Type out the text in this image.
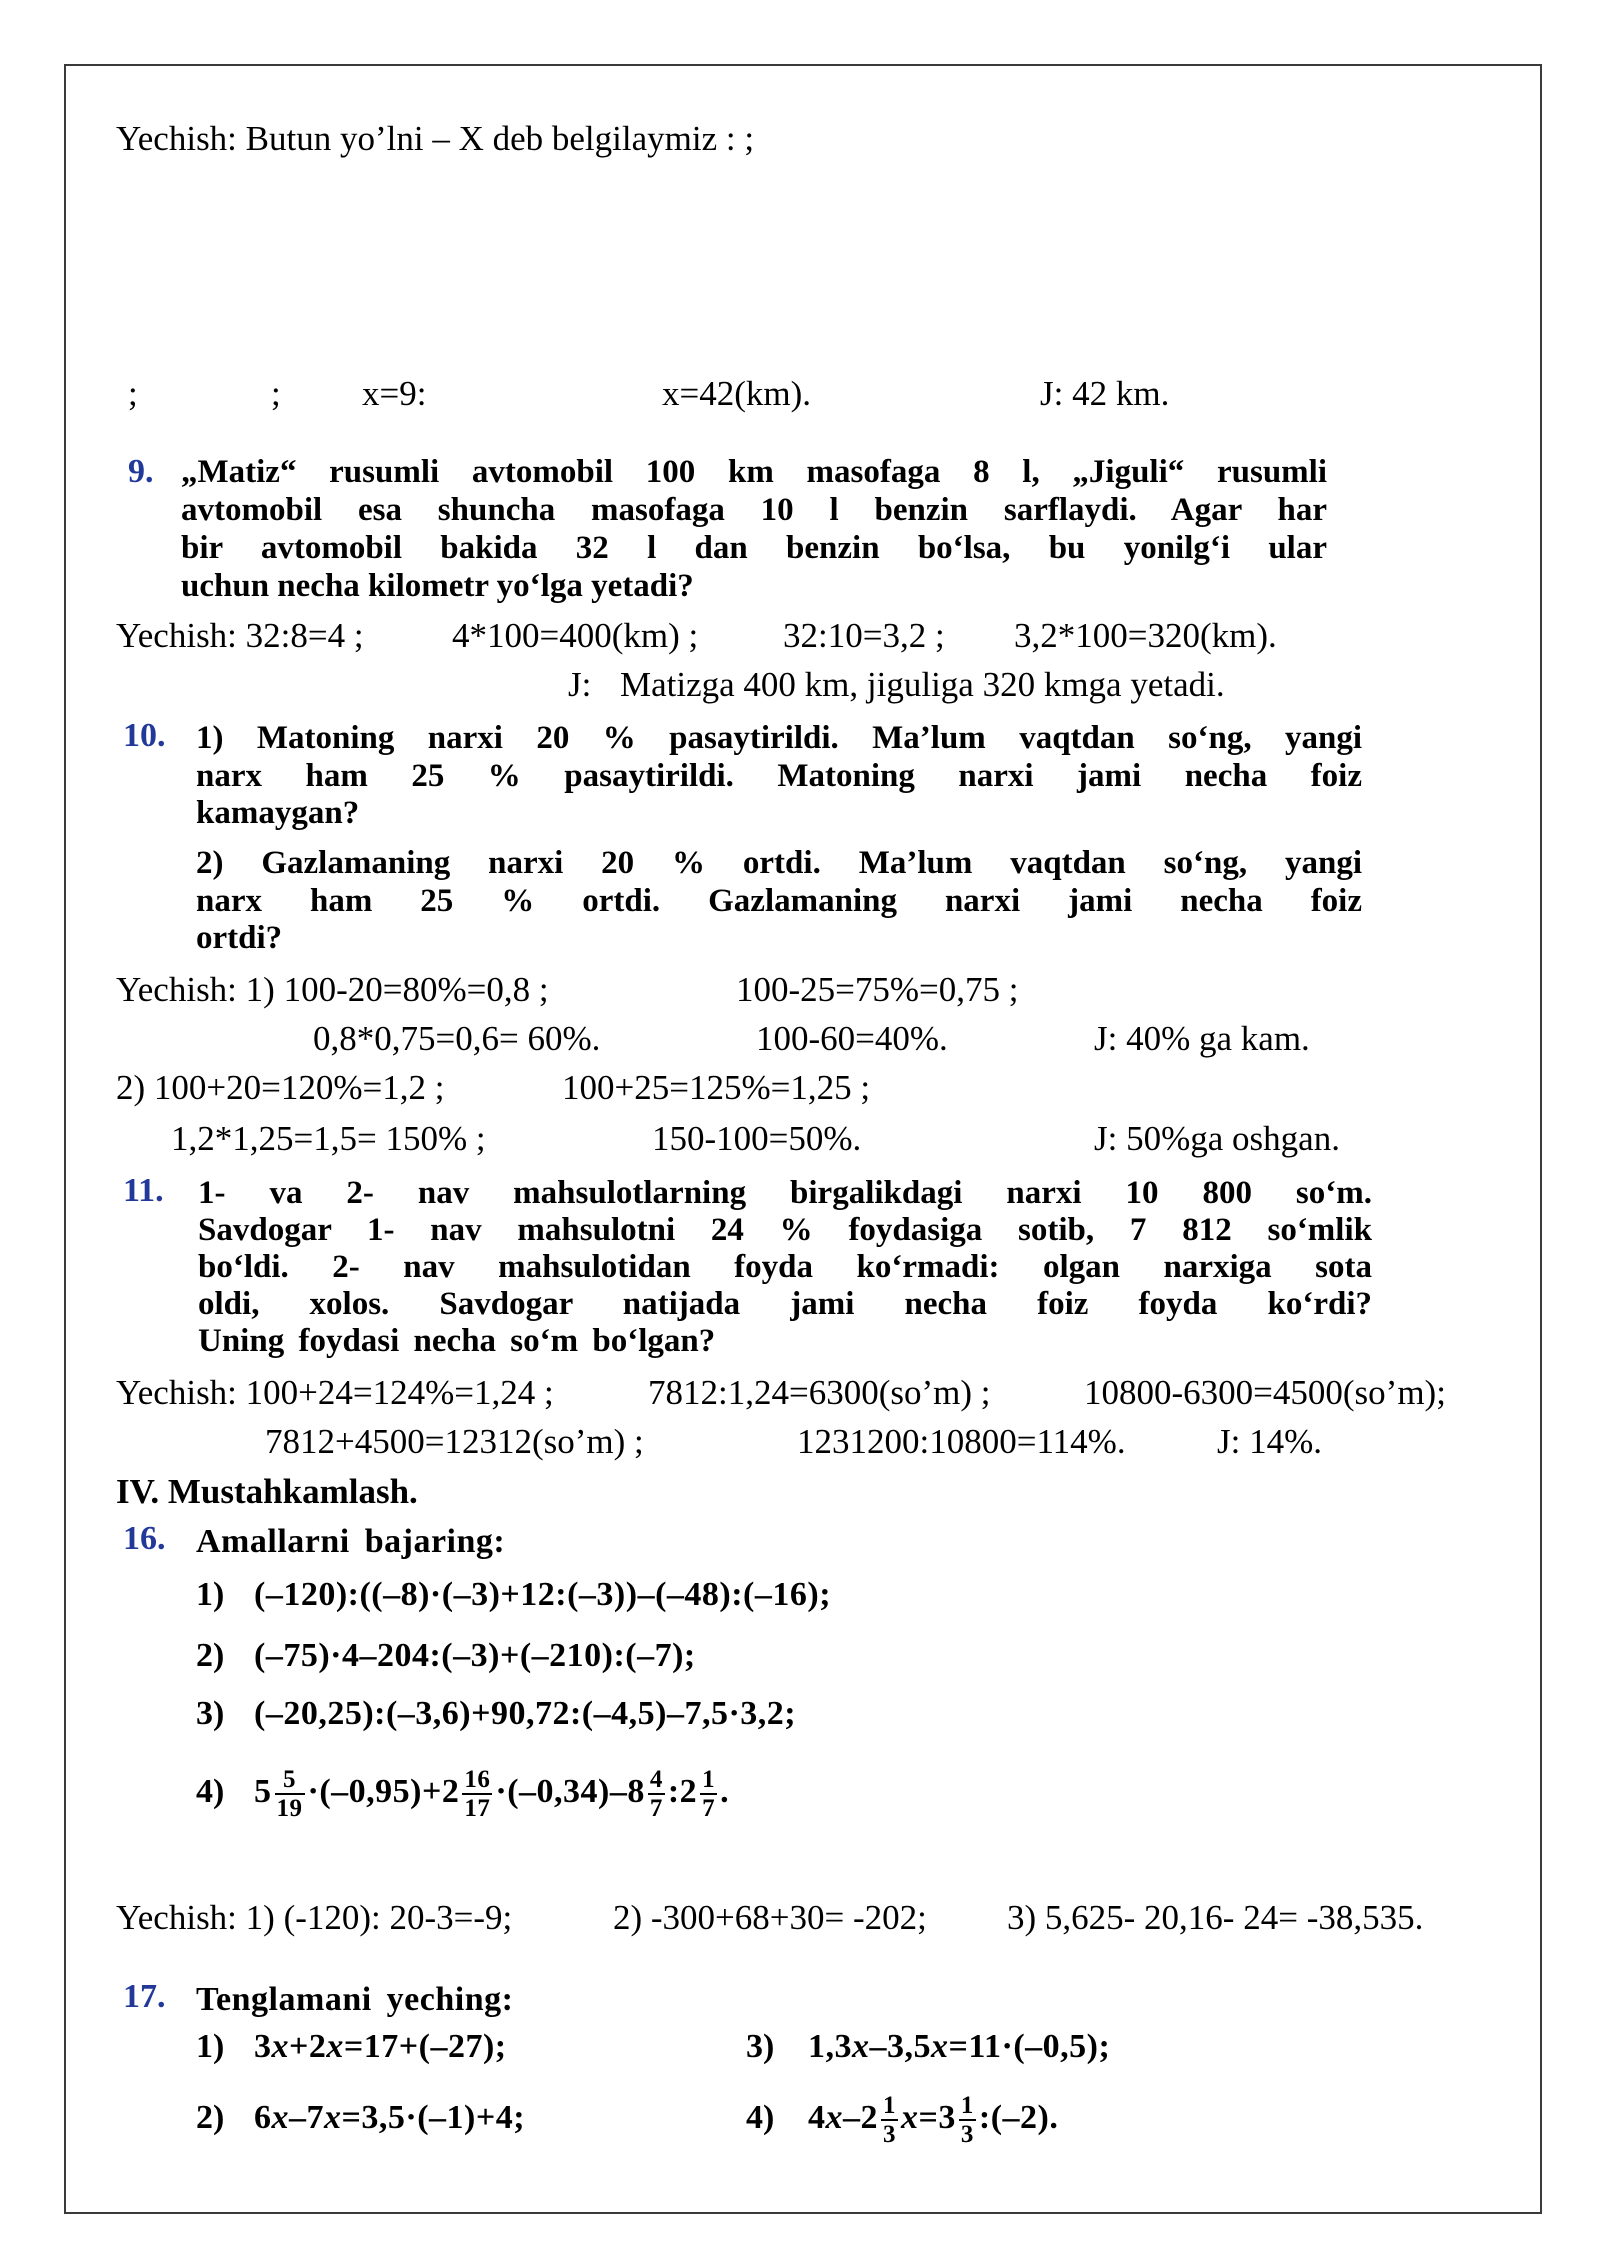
Yechish: Butun yo’lni – X deb belgilaymiz : ;
;	; x=9:	x=42(km).	J: 42 km.
9. „Matiz“ rusumli avtomobil 100 km masofaga 8 l, „Jiguli“ rusumli
avtomobil esa shuncha masofaga 10 l benzin sarflaydi. Agar har
bir avtomobil bakida 32 l dan benzin bo‘lsa, bu yonilg‘i ular
uchun necha kilometr yo‘lga yetadi?
Yechish: 32:8=4 ;	4*100=400(km) ; 32:10=3,2 ; 3,2*100=320(km).
J: Matizga 400 km, jiguliga 320 kmga yetadi.
10. 1) Matoning narxi 20 % pasaytirildi. Ma’lum vaqtdan so‘ng, yangi
narx ham 25 % pasaytirildi. Matoning narxi jami necha foiz
kamaygan?
2) Gazlamaning narxi 20 % ortdi. Ma’lum vaqtdan so‘ng, yangi
narx ham 25 % ortdi. Gazlamaning narxi jami necha foiz
ortdi?
Yechish: 1) 100-20=80%=0,8 ;	100-25=75%=0,75 ;
0,8*0,75=0,6= 60%.	100-60=40%.	J: 40% ga kam.
2) 100+20=120%=1,2 ;	100+25=125%=1,25 ;
1,2*1,25=1,5= 150% ;	150-100=50%.	J: 50%ga oshgan.
11. 1- va 2- nav mahsulotlarning birgalikdagi narxi 10 800 so‘m.
Savdogar 1- nav mahsulotni 24 % foydasiga sotib, 7 812 so‘mlik
bo‘ldi. 2- nav mahsulotidan foyda ko‘rmadi: olgan narxiga sota
oldi, xolos. Savdogar natijada jami necha foiz foyda ko‘rdi?
Uning foydasi necha so‘m bo‘lgan?
Yechish: 100+24=124%=1,24 ;	7812:1,24=6300(so’m) ;	10800-6300=4500(so’m);
7812+4500=12312(so’m) ;	1231200:10800=114%.	J: 14%.
IV. Mustahkamlash.
16. Amallarni bajaring:
1) (–120):((–8)·(–3)+12:(–3))–(–48):(–16);
2) (–75)·4–204:(–3)+(–210):(–7);
3) (–20,25):(–3,6)+90,72:(–4,5)–7,5·3,2;
4) $5 \frac{5}{19} \cdot(-0,95)+2 \frac{16}{17} \cdot(-0,34)-8 \frac{4}{7}$ :2 $\frac{1}{7}$ .
Yechish: 1) (-120): 20-3=-9;	2) -300+68+30= -202; 3) 5,625- 20,16- 24= -38,535.
17. Tenglamani yeching:
1) 3x+2x=17+(–27);	3) 1,3x–3,5x=11·(–0,5);
2) 6x–7x=3,5·(–1)+4;	4) $4x-2 \frac{1}{3} x=3 \frac{1}{3}$ :(–2).
